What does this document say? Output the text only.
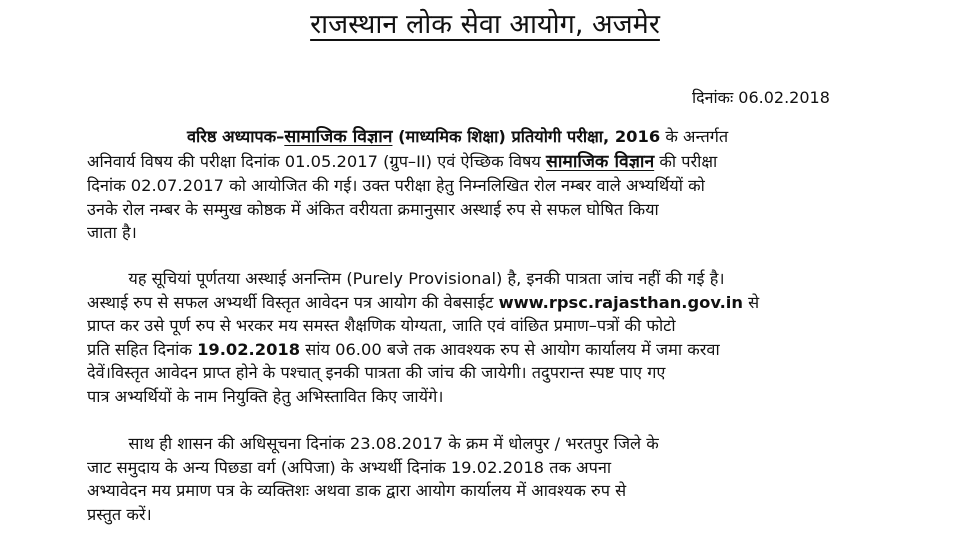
राजस्थान लोक सेवा आयोग, अजमेर
दिनांकः 06.02.2018
वरिष्ठ अध्यापक–सामाजिक विज्ञान (माध्यमिक शिक्षा) प्रतियोगी परीक्षा, 2016 के अन्तर्गत
अनिवार्य विषय की परीक्षा दिनांक 01.05.2017 (ग्रुप–II) एवं ऐच्छिक विषय सामाजिक विज्ञान की परीक्षा
दिनांक 02.07.2017 को आयोजित की गई। उक्त परीक्षा हेतु निम्नलिखित रोल नम्बर वाले अभ्यर्थियों को
उनके रोल नम्बर के सम्मुख कोष्ठक में अंकित वरीयता क्रमानुसार अस्थाई रुप से सफल घोषित किया
जाता है।
यह सूचियां पूर्णतया अस्थाई अनन्तिम (Purely Provisional) है, इनकी पात्रता जांच नहीं की गई है।
अस्थाई रुप से सफल अभ्यर्थी विस्तृत आवेदन पत्र आयोग की वेबसाईट www.rpsc.rajasthan.gov.in से
प्राप्त कर उसे पूर्ण रुप से भरकर मय समस्त शैक्षणिक योग्यता, जाति एवं वांछित प्रमाण–पत्रों की फोटो
प्रति सहित दिनांक 19.02.2018 सांय 06.00 बजे तक आवश्यक रुप से आयोग कार्यालय में जमा करवा
देवें।विस्तृत आवेदन प्राप्त होने के पश्चात् इनकी पात्रता की जांच की जायेगी। तदुपरान्त स्पष्ट पाए गए
पात्र अभ्यर्थियों के नाम नियुक्ति हेतु अभिस्तावित किए जायेंगे।
साथ ही शासन की अधिसूचना दिनांक 23.08.2017 के क्रम में धोलपुर / भरतपुर जिले के
जाट समुदाय के अन्य पिछडा वर्ग (अपिजा) के अभ्यर्थी दिनांक 19.02.2018 तक अपना
अभ्यावेदन मय प्रमाण पत्र के व्यक्तिशः अथवा डाक द्वारा आयोग कार्यालय में आवश्यक रुप से
प्रस्तुत करें।
